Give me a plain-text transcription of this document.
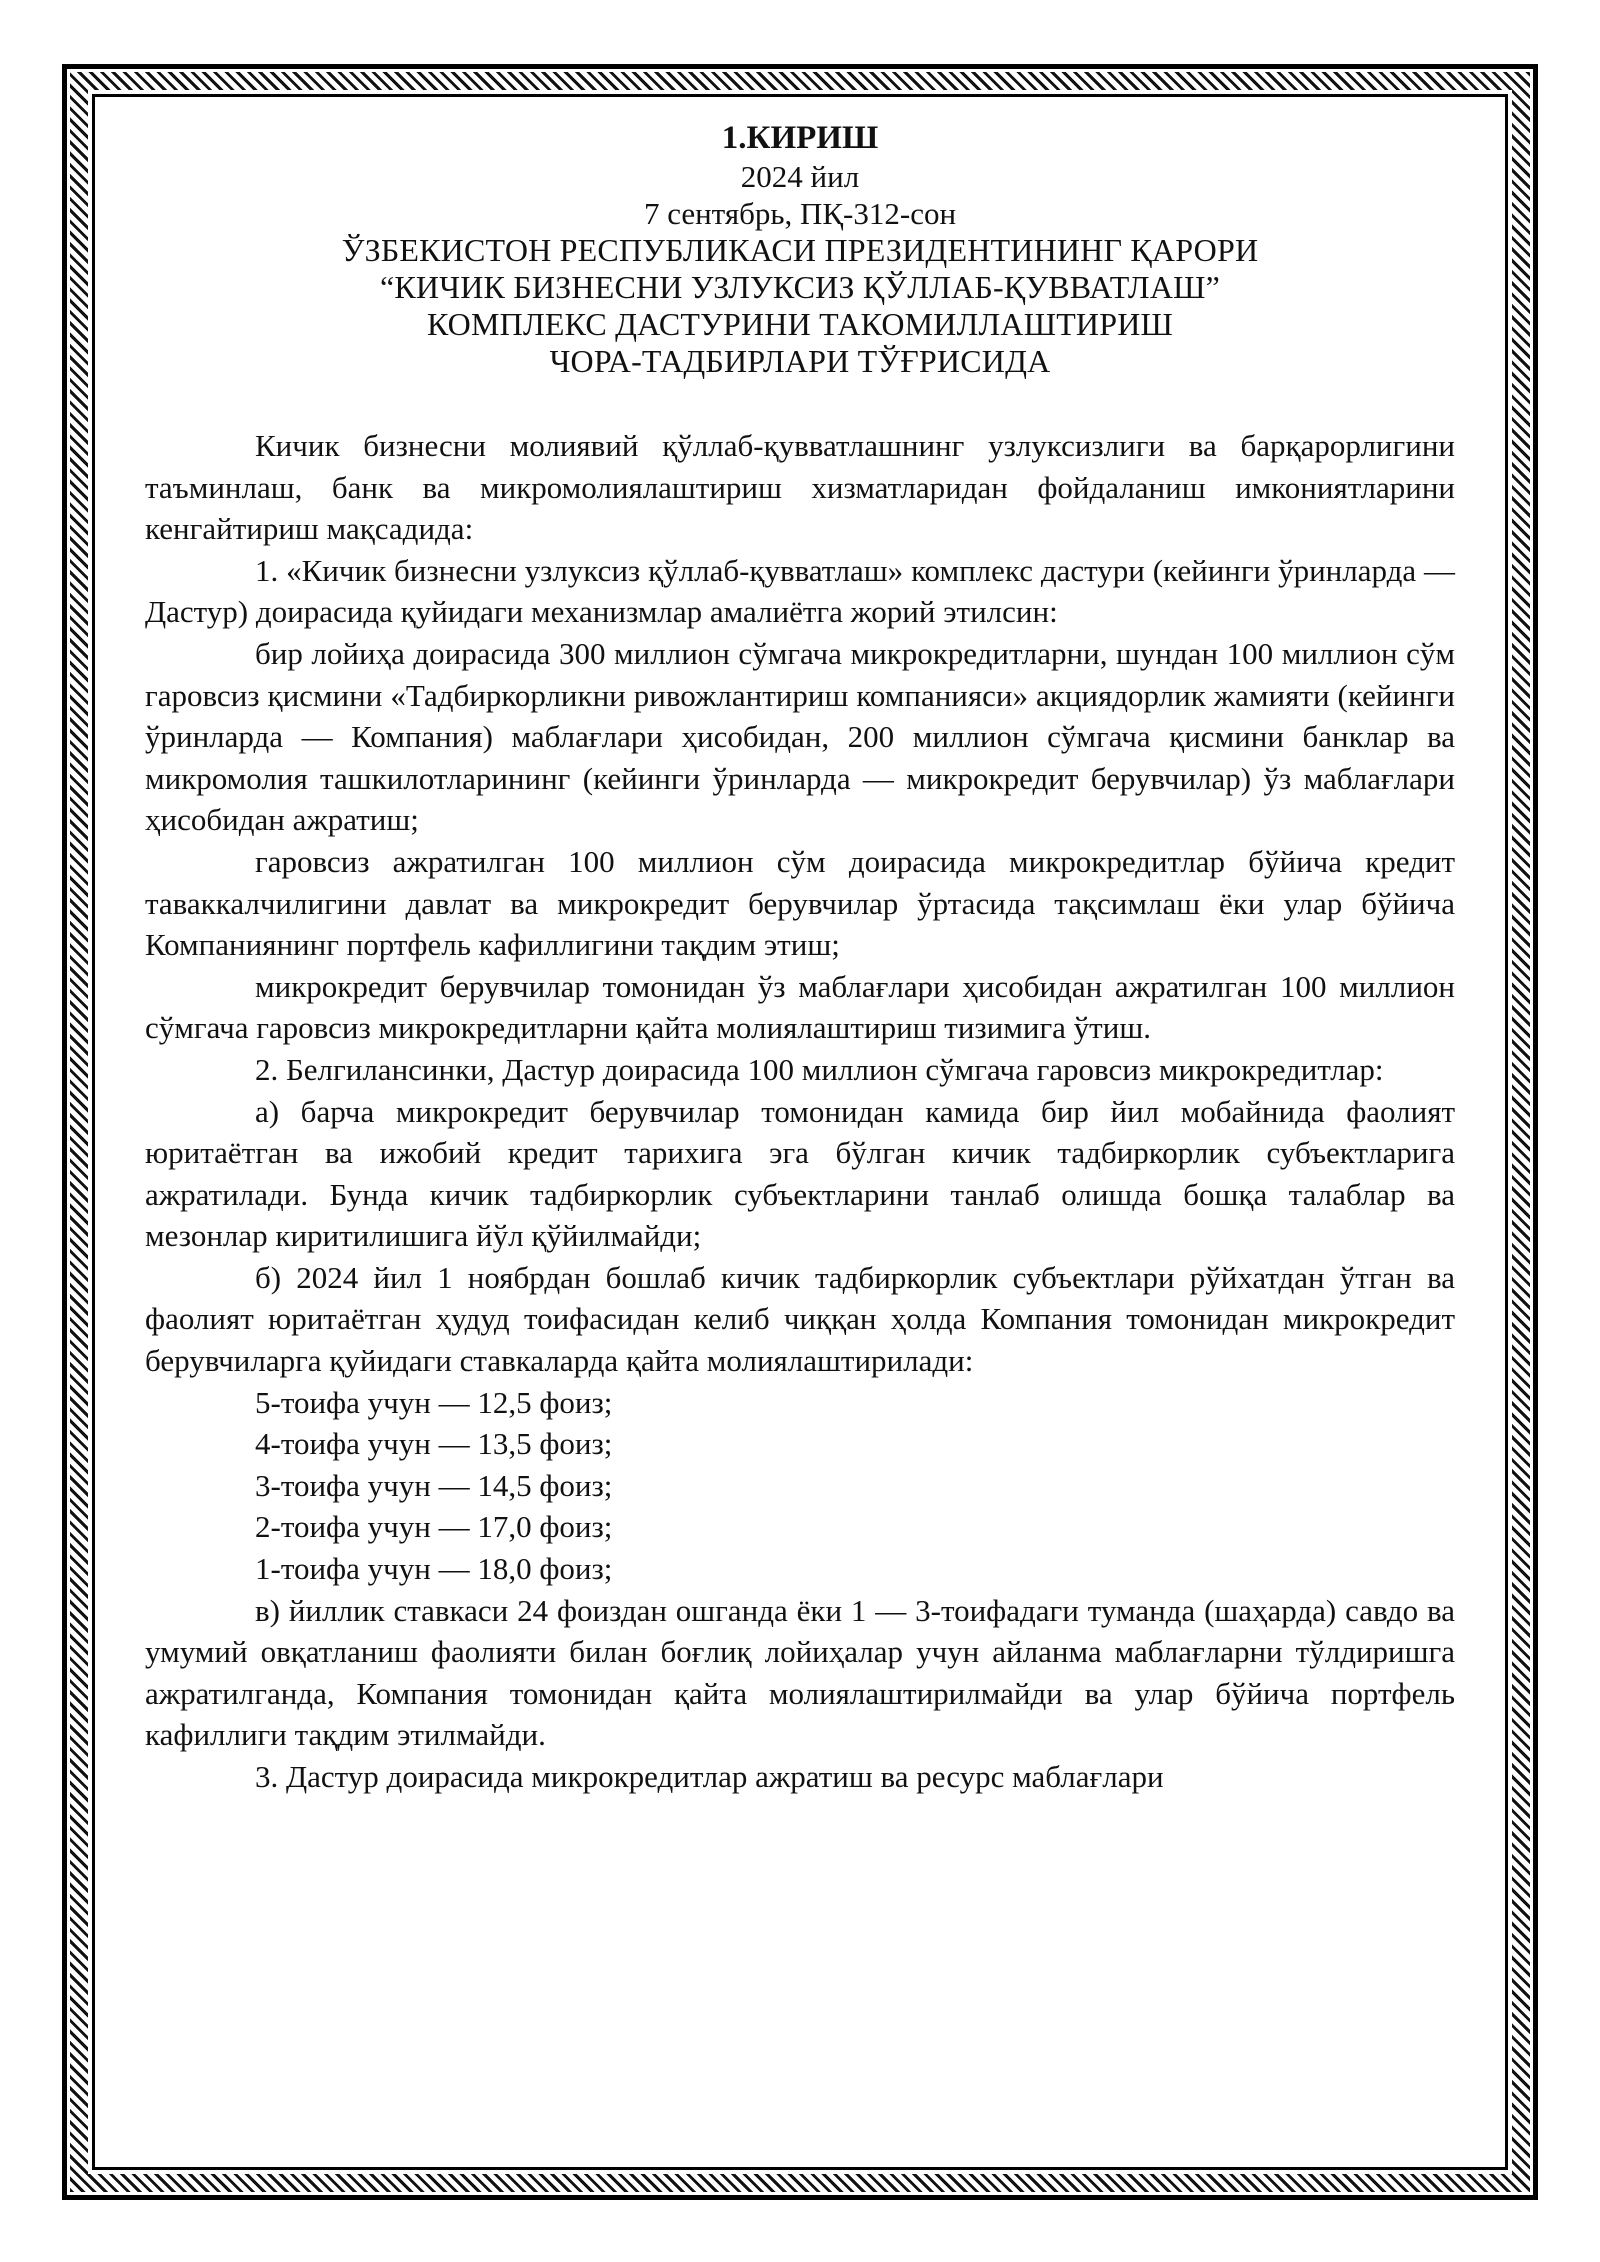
1.КИРИШ
2024 йил
7 сентябрь, ПҚ-312-сон
ЎЗБЕКИСТОН РЕСПУБЛИКАСИ ПРЕЗИДЕНТИНИНГ ҚАРОРИ
“КИЧИК БИЗНЕСНИ УЗЛУКСИЗ ҚЎЛЛАБ-ҚУВВАТЛАШ”
КОМПЛЕКС ДАСТУРИНИ ТАКОМИЛЛАШТИРИШ
ЧОРА-ТАДБИРЛАРИ ТЎҒРИСИДА

Кичик бизнесни молиявий қўллаб-қувватлашнинг узлуксизлиги ва барқарорлигини таъминлаш, банк ва микромолиялаштириш хизматларидан фойдаланиш имкониятларини кенгайтириш мақсадида:

1. «Кичик бизнесни узлуксиз қўллаб-қувватлаш» комплекс дастури (кейинги ўринларда — Дастур) доирасида қуйидаги механизмлар амалиётга жорий этилсин:

бир лойиҳа доирасида 300 миллион сўмгача микрокредитларни, шундан 100 миллион сўм гаровсиз қисмини «Тадбиркорликни ривожлантириш компанияси» акциядорлик жамияти (кейинги ўринларда — Компания) маблағлари ҳисобидан, 200 миллион сўмгача қисмини банклар ва микромолия ташкилотларининг (кейинги ўринларда — микрокредит берувчилар) ўз маблағлари ҳисобидан ажратиш;

гаровсиз ажратилган 100 миллион сўм доирасида микрокредитлар бўйича кредит таваккалчилигини давлат ва микрокредит берувчилар ўртасида тақсимлаш ёки улар бўйича Компаниянинг портфель кафиллигини тақдим этиш;

микрокредит берувчилар томонидан ўз маблағлари ҳисобидан ажратилган 100 миллион сўмгача гаровсиз микрокредитларни қайта молиялаштириш тизимига ўтиш.

2. Белгилансинки, Дастур доирасида 100 миллион сўмгача гаровсиз микрокредитлар:

а) барча микрокредит берувчилар томонидан камида бир йил мобайнида фаолият юритаётган ва ижобий кредит тарихига эга бўлган кичик тадбиркорлик субъектларига ажратилади. Бунда кичик тадбиркорлик субъектларини танлаб олишда бошқа талаблар ва мезонлар киритилишига йўл қўйилмайди;

б) 2024 йил 1 ноябрдан бошлаб кичик тадбиркорлик субъектлари рўйхатдан ўтган ва фаолият юритаётган ҳудуд тоифасидан келиб чиққан ҳолда Компания томонидан микрокредит берувчиларга қуйидаги ставкаларда қайта молиялаштирилади:

5-тоифа учун — 12,5 фоиз;

4-тоифа учун — 13,5 фоиз;

3-тоифа учун — 14,5 фоиз;

2-тоифа учун — 17,0 фоиз;

1-тоифа учун — 18,0 фоиз;

в) йиллик ставкаси 24 фоиздан ошганда ёки 1 — 3-тоифадаги туманда (шаҳарда) савдо ва умумий овқатланиш фаолияти билан боғлиқ лойиҳалар учун айланма маблағларни тўлдиришга ажратилганда, Компания томонидан қайта молиялаштирилмайди ва улар бўйича портфель кафиллиги тақдим этилмайди.

3. Дастур доирасида микрокредитлар ажратиш ва ресурс маблағлари
